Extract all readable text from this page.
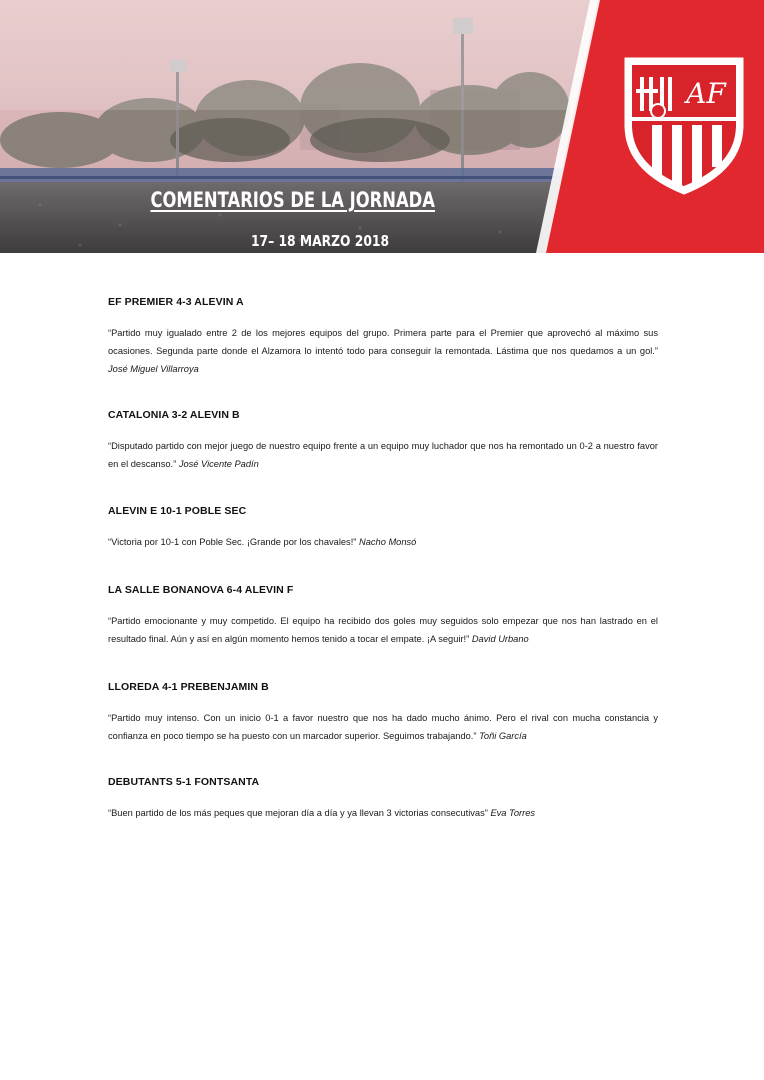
AF
COMENTARIOS DE LA JORNADA
17– 18 MARZO 2018

EF PREMIER 4-3 ALEVIN A

“Partido muy igualado entre 2 de los mejores equipos del grupo. Primera parte para el Premier que aprovechó al máximo sus ocasiones. Segunda parte donde el Alzamora lo intentó todo para conseguir la remontada. Lástima que nos quedamos a un gol.” José Miguel Villarroya

CATALONIA 3-2 ALEVIN B

“Disputado partido con mejor juego de nuestro equipo frente a un equipo muy luchador que nos ha remontado un 0-2 a nuestro favor en el descanso.” José Vicente Padín

ALEVIN E 10-1 POBLE SEC

“Victoria por 10-1 con Poble Sec. ¡Grande por los chavales!” Nacho Monsó

LA SALLE BONANOVA 6-4 ALEVIN F

“Partido emocionante y muy competido. El equipo ha recibido dos goles muy seguidos solo empezar que nos han lastrado en el resultado final. Aún y así en algún momento hemos tenido a tocar el empate. ¡A seguir!” David Urbano

LLOREDA 4-1 PREBENJAMIN B

“Partido muy intenso. Con un inicio 0-1 a favor nuestro que nos ha dado mucho ánimo. Pero el rival con mucha constancia y confianza en poco tiempo se ha puesto con un marcador superior. Seguimos trabajando.” Toñi García

DEBUTANTS 5-1 FONTSANTA

“Buen partido de los más peques que mejoran día a día y ya llevan 3 victorias consecutivas” Eva Torres
